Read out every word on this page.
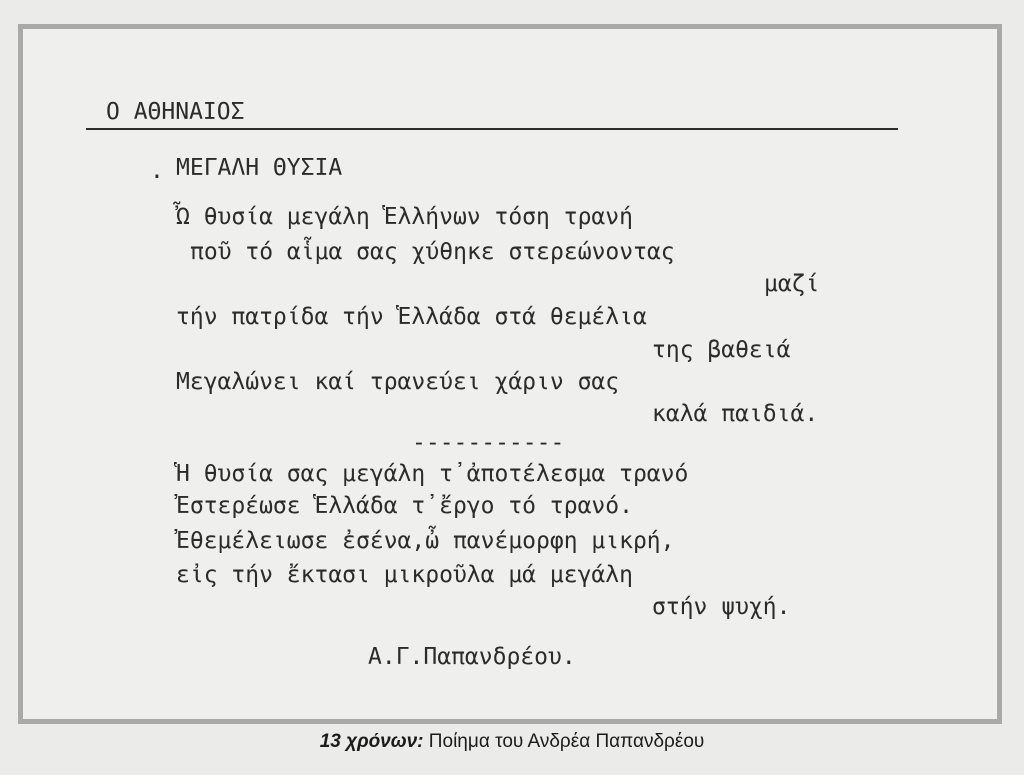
Ο ΑΘΗΝΑΙΟΣ
. ΜΕΓΑΛΗ ΘΥΣΙΑ
Ὦ θυσία μεγάλη Ἑλλήνων τόση τρανή
ποῦ τό αἷμα σας χύθηκε στερεώνοντας
μαζί
τήν πατρίδα τήν Ἑλλάδα στά θεμέλια
της βαθειά
Μεγαλώνει καί τρανεύει χάριν σας
καλά παιδιά.
-----------
Ἡ θυσία σας μεγάλη τ᾽ἀποτέλεσμα τρανό
Ἐστερέωσε Ἑλλάδα τ᾽ἔργο τό τρανό.
Ἐθεμέλειωσε ἐσένα,ὦ πανέμορφη μικρή,
εἰς τήν ἔκτασι μικροῦλα μά μεγάλη
στήν ψυχή.
Α.Γ.Παπανδρέου.
13 χρόνων: Ποίημα του Ανδρέα Παπανδρέου
